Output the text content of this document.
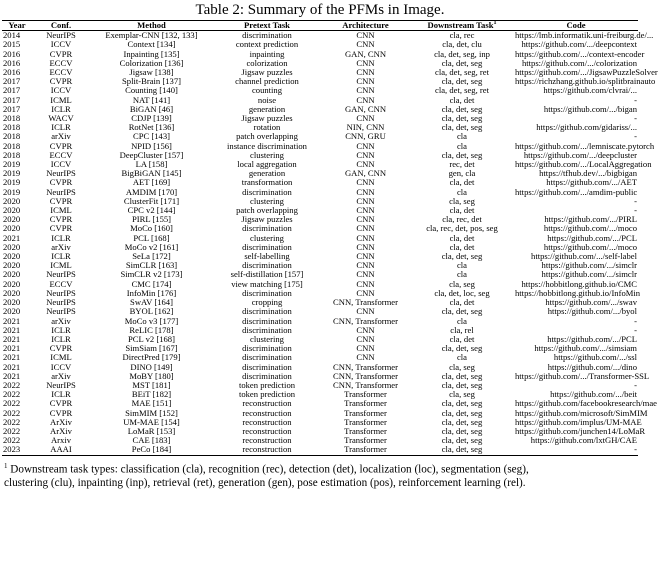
Table 2: Summary of the PFMs in Image.
Year	Conf.	Method	Pretext Task	Architecture	Downstream Task$^1$	Code
2014	NeurIPS	Exemplar-CNN [132, 133]	discrimination	CNN	cla, rec	https://lmb.informatik.uni-freiburg.de/...
2015	ICCV	Context [134]	context prediction	CNN	cla, det, clu	https://github.com/.../deepcontext
2016	CVPR	Inpainting [135]	inpainting	GAN, CNN	cla, det, seg, inp	https://github.com/.../context-encoder
2016	ECCV	Colorization [136]	colorization	CNN	cla, det, seg	https://github.com/.../colorization
2016	ECCV	Jigsaw [138]	Jigsaw puzzles	CNN	cla, det, seg, ret	https://github.com/.../JigsawPuzzleSolver
2017	CVPR	Split-Brain [137]	channel prediction	CNN	cla, det, seg	https://richzhang.github.io/splitbrainauto
2017	ICCV	Counting [140]	counting	CNN	cla, det, seg, ret	https://github.com/clvrai/...
2017	ICML	NAT [141]	noise	CNN	cla, det	-
2017	ICLR	BiGAN [46]	generation	GAN, CNN	cla, det, seg	https://github.com/.../bigan
2018	WACV	CDJP [139]	Jigsaw puzzles	CNN	cla, det, seg	-
2018	ICLR	RotNet [136]	rotation	NIN, CNN	cla, det, seg	https://github.com/gidariss/...
2018	arXiv	CPC [143]	patch overlapping	CNN, GRU	cla	-
2018	CVPR	NPID [156]	instance discrimination	CNN	cla	https://github.com/.../lemniscate.pytorch
2018	ECCV	DeepCluster [157]	clustering	CNN	cla, det, seg	https://github.com/.../deepcluster
2019	ICCV	LA [158]	local aggregation	CNN	rec, det	https://github.com/.../LocalAggregation
2019	NeurIPS	BigBiGAN [145]	generation	GAN, CNN	gen, cla	https://tfhub.dev/.../bigbigan
2019	CVPR	AET [169]	transformation	CNN	cla, det	https://github.com/.../AET
2019	NeurIPS	AMDIM [170]	discrimination	CNN	cla	https://github.com/.../amdim-public
2020	CVPR	ClusterFit [171]	clustering	CNN	cla, seg	-
2020	ICML	CPC v2 [144]	patch overlapping	CNN	cla, det	-
2020	CVPR	PIRL [155]	Jigsaw puzzles	CNN	cla, rec, det	https://github.com/.../PIRL
2020	CVPR	MoCo [160]	discrimination	CNN	cla, rec, det, pos, seg	https://github.com/.../moco
2021	ICLR	PCL [168]	clustering	CNN	cla, det	https://github.com/.../PCL
2020	arXiv	MoCo v2 [161]	discrimination	CNN	cla, det	https://github.com/.../moco
2020	ICLR	SeLa [172]	self-labelling	CNN	cla, det, seg	https://github.com/.../self-label
2020	ICML	SimCLR [163]	discrimination	CNN	cla	https://github.com/.../simclr
2020	NeurIPS	SimCLR v2 [173]	self-distillation [157]	CNN	cla	https://github.com/.../simclr
2020	ECCV	CMC [174]	view matching [175]	CNN	cla, seg	https://hobbitlong.github.io/CMC
2020	NeurIPS	InfoMin [176]	discrimination	CNN	cla, det, loc, seg	https://hobbitlong.github.io/InfoMin
2020	NeurIPS	SwAV [164]	cropping	CNN, Transformer	cla, det	https://github.com/.../swav
2020	NeurIPS	BYOL [162]	discrimination	CNN	cla, det, seg	https://github.com/.../byol
2021	arXiv	MoCo v3 [177]	discrimination	CNN, Transformer	cla	-
2021	ICLR	ReLIC [178]	discrimination	CNN	cla, rel	-
2021	ICLR	PCL v2 [168]	clustering	CNN	cla, det	https://github.com/.../PCL
2021	CVPR	SimSiam [167]	discrimination	CNN	cla, det, seg	https://github.com/.../simsiam
2021	ICML	DirectPred [179]	discrimination	CNN	cla	https://github.com/.../ssl
2021	ICCV	DINO [149]	discrimination	CNN, Transformer	cla, seg	https://github.com/.../dino
2021	arXiv	MoBY [180]	discrimination	CNN, Transformer	cla, det, seg	https://github.com/.../Transformer-SSL
2022	NeurIPS	MST [181]	token prediction	CNN, Transformer	cla, det, seg	-
2022	ICLR	BEiT [182]	token prediction	Transformer	cla, seg	https://github.com/.../beit
2022	CVPR	MAE [151]	reconstruction	Transformer	cla, det, seg	https://github.com/facebookresearch/mae
2022	CVPR	SimMIM [152]	reconstruction	Transformer	cla, det, seg	https://github.com/microsoft/SimMIM
2022	ArXiv	UM-MAE [154]	reconstruction	Transformer	cla, det, seg	https://github.com/implus/UM-MAE
2022	ArXiv	LoMaR [153]	reconstruction	Transformer	cla, det, seg	https://github.com/junchen14/LoMaR
2022	Arxiv	CAE [183]	reconstruction	Transformer	cla, det, seg	https://github.com/lxtGH/CAE
2023	AAAI	PeCo [184]	reconstruction	Transformer	cla, det, seg	-
$^1$ Downstream task types: classification (cla), recognition (rec), detection (det), localization (loc), segmentation (seg),
clustering (clu), inpainting (inp), retrieval (ret), generation (gen), pose estimation (pos), reinforcement learning (rel).
